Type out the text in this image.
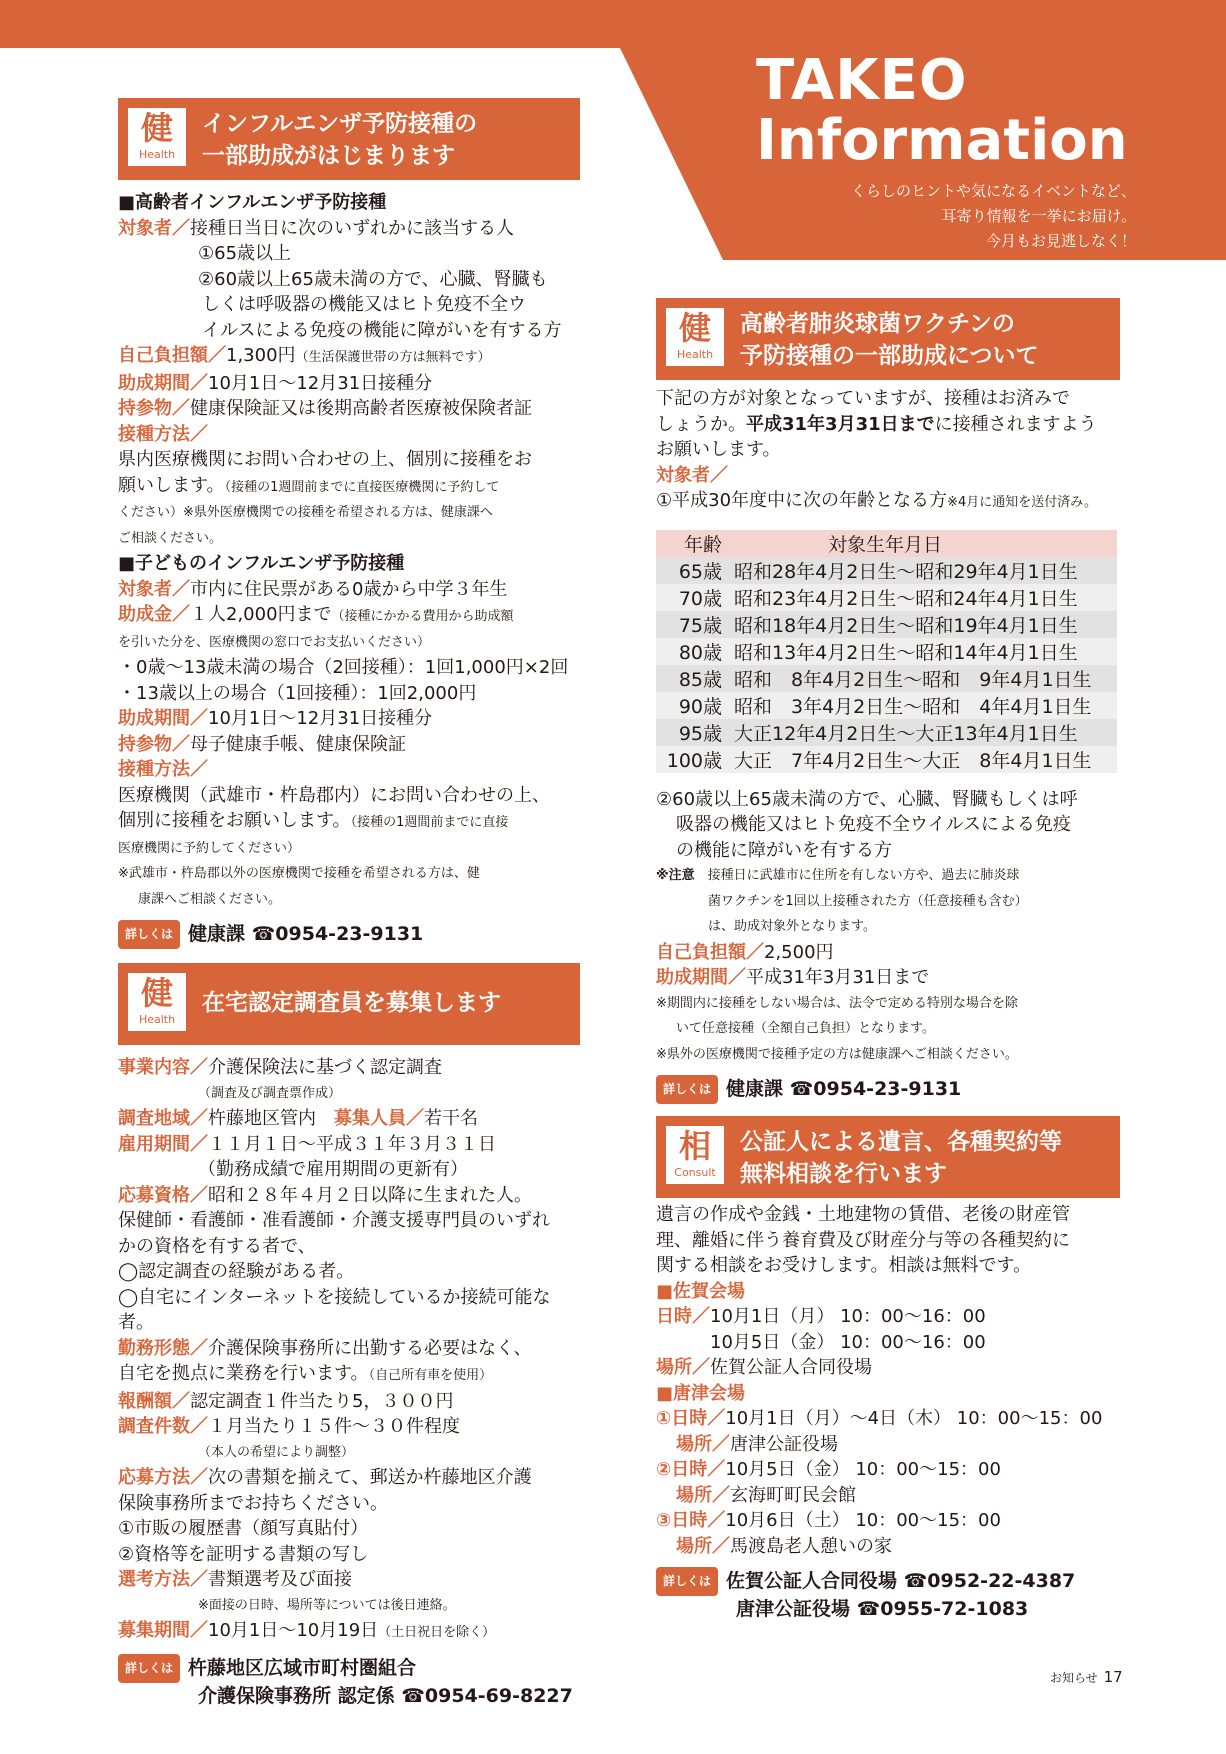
TAKEO
Information
くらしのヒントや気になるイベントなど、
耳寄り情報を一挙にお届け。
今月もお見逃しなく！
健
Health
インフルエンザ予防接種の
一部助成がはじまります

■高齢者インフルエンザ予防接種

対象者／接種日当日に次のいずれかに該当する人

①65歳以上

②60歳以上65歳未満の方で、心臓、腎臓も

しくは呼吸器の機能又はヒト免疫不全ウ

イルスによる免疫の機能に障がいを有する方

自己負担額／1,300円（生活保護世帯の方は無料です）

助成期間／10月1日～12月31日接種分

持参物／健康保険証又は後期高齢者医療被保険者証

接種方法／

県内医療機関にお問い合わせの上、個別に接種をお

願いします。（接種の1週間前までに直接医療機関に予約して

ください）※県外医療機関での接種を希望される方は、健康課へ

ご相談ください。

■子どものインフルエンザ予防接種

対象者／市内に住民票がある0歳から中学３年生

助成金／１人2,000円まで（接種にかかる費用から助成額

を引いた分を、医療機関の窓口でお支払いください）

・0歳～13歳未満の場合（2回接種）：1回1,000円×2回

・13歳以上の場合（1回接種）：1回2,000円

助成期間／10月1日～12月31日接種分

持参物／母子健康手帳、健康保険証

接種方法／

医療機関（武雄市・杵島郡内）にお問い合わせの上、

個別に接種をお願いします。（接種の1週間前までに直接

医療機関に予約してください）

※武雄市・杵島郡以外の医療機関で接種を希望される方は、健

康課へご相談ください。

詳しくは 健康課 ☎0954-23-9131
健
Health
在宅認定調査員を募集します

事業内容／介護保険法に基づく認定調査

（調査及び調査票作成）

調査地域／杵藤地区管内　 募集人員／若干名

雇用期間／１１月１日～平成３１年３月３１日

（勤務成績で雇用期間の更新有）

応募資格／昭和２８年４月２日以降に生まれた人。

保健師・看護師・准看護師・介護支援専門員のいずれ

かの資格を有する者で、

◯認定調査の経験がある者。

◯自宅にインターネットを接続しているか接続可能な者。

勤務形態／介護保険事務所に出勤する必要はなく、

自宅を拠点に業務を行います。（自己所有車を使用）

報酬額／認定調査１件当たり5，３００円

調査件数／１月当たり１５件～３０件程度

（本人の希望により調整）

応募方法／次の書類を揃えて、郵送か杵藤地区介護

保険事務所までお持ちください。

①市販の履歴書（顔写真貼付）

②資格等を証明する書類の写し

選考方法／書類選考及び面接

※面接の日時、場所等については後日連絡。

募集期間／10月1日～10月19日（土日祝日を除く）

詳しくは 杵藤地区広域市町村圏組合
介護保険事務所 認定係 ☎0954-69-8227
健
Health
高齢者肺炎球菌ワクチンの
予防接種の一部助成について

下記の方が対象となっていますが、接種はお済みで

しょうか。平成31年3月31日までに接種されますよう

お願いします。

対象者／

①平成30年度中に次の年齢となる方※4月に通知を送付済み。

年齢	対象生年月日
65歳	昭和28年4月2日生～昭和29年4月1日生
70歳	昭和23年4月2日生～昭和24年4月1日生
75歳	昭和18年4月2日生～昭和19年4月1日生
80歳	昭和13年4月2日生～昭和14年4月1日生
85歳	昭和　8年4月2日生～昭和　9年4月1日生
90歳	昭和　3年4月2日生～昭和　4年4月1日生
95歳	大正12年4月2日生～大正13年4月1日生
100歳	大正　7年4月2日生～大正　8年4月1日生

②60歳以上65歳未満の方で、心臓、腎臓もしくは呼

吸器の機能又はヒト免疫不全ウイルスによる免疫

の機能に障がいを有する方

※注意　 接種日に武雄市に住所を有しない方や、過去に肺炎球

菌ワクチンを1回以上接種された方（任意接種も含む）

は、助成対象外となります。

自己負担額／2,500円

助成期間／平成31年3月31日まで

※期間内に接種をしない場合は、法令で定める特別な場合を除

いて任意接種（全額自己負担）となります。

※県外の医療機関で接種予定の方は健康課へご相談ください。

詳しくは 健康課 ☎0954-23-9131
相
Consult
公証人による遺言、各種契約等
無料相談を行います

遺言の作成や金銭・土地建物の賃借、老後の財産管

理、離婚に伴う養育費及び財産分与等の各種契約に

関する相談をお受けします。相談は無料です。

■佐賀会場

日時／10月1日（月） 10：00～16：00

10月5日（金） 10：00～16：00

場所／佐賀公証人合同役場

■唐津会場

①日時／10月1日（月）～4日（木） 10：00～15：00

場所／唐津公証役場

②日時／10月5日（金） 10：00～15：00

場所／玄海町町民会館

③日時／10月6日（土） 10：00～15：00

場所／馬渡島老人憩いの家

詳しくは 佐賀公証人合同役場 ☎0952-22-4387
唐津公証役場 ☎0955-72-1083
お知らせ 17
